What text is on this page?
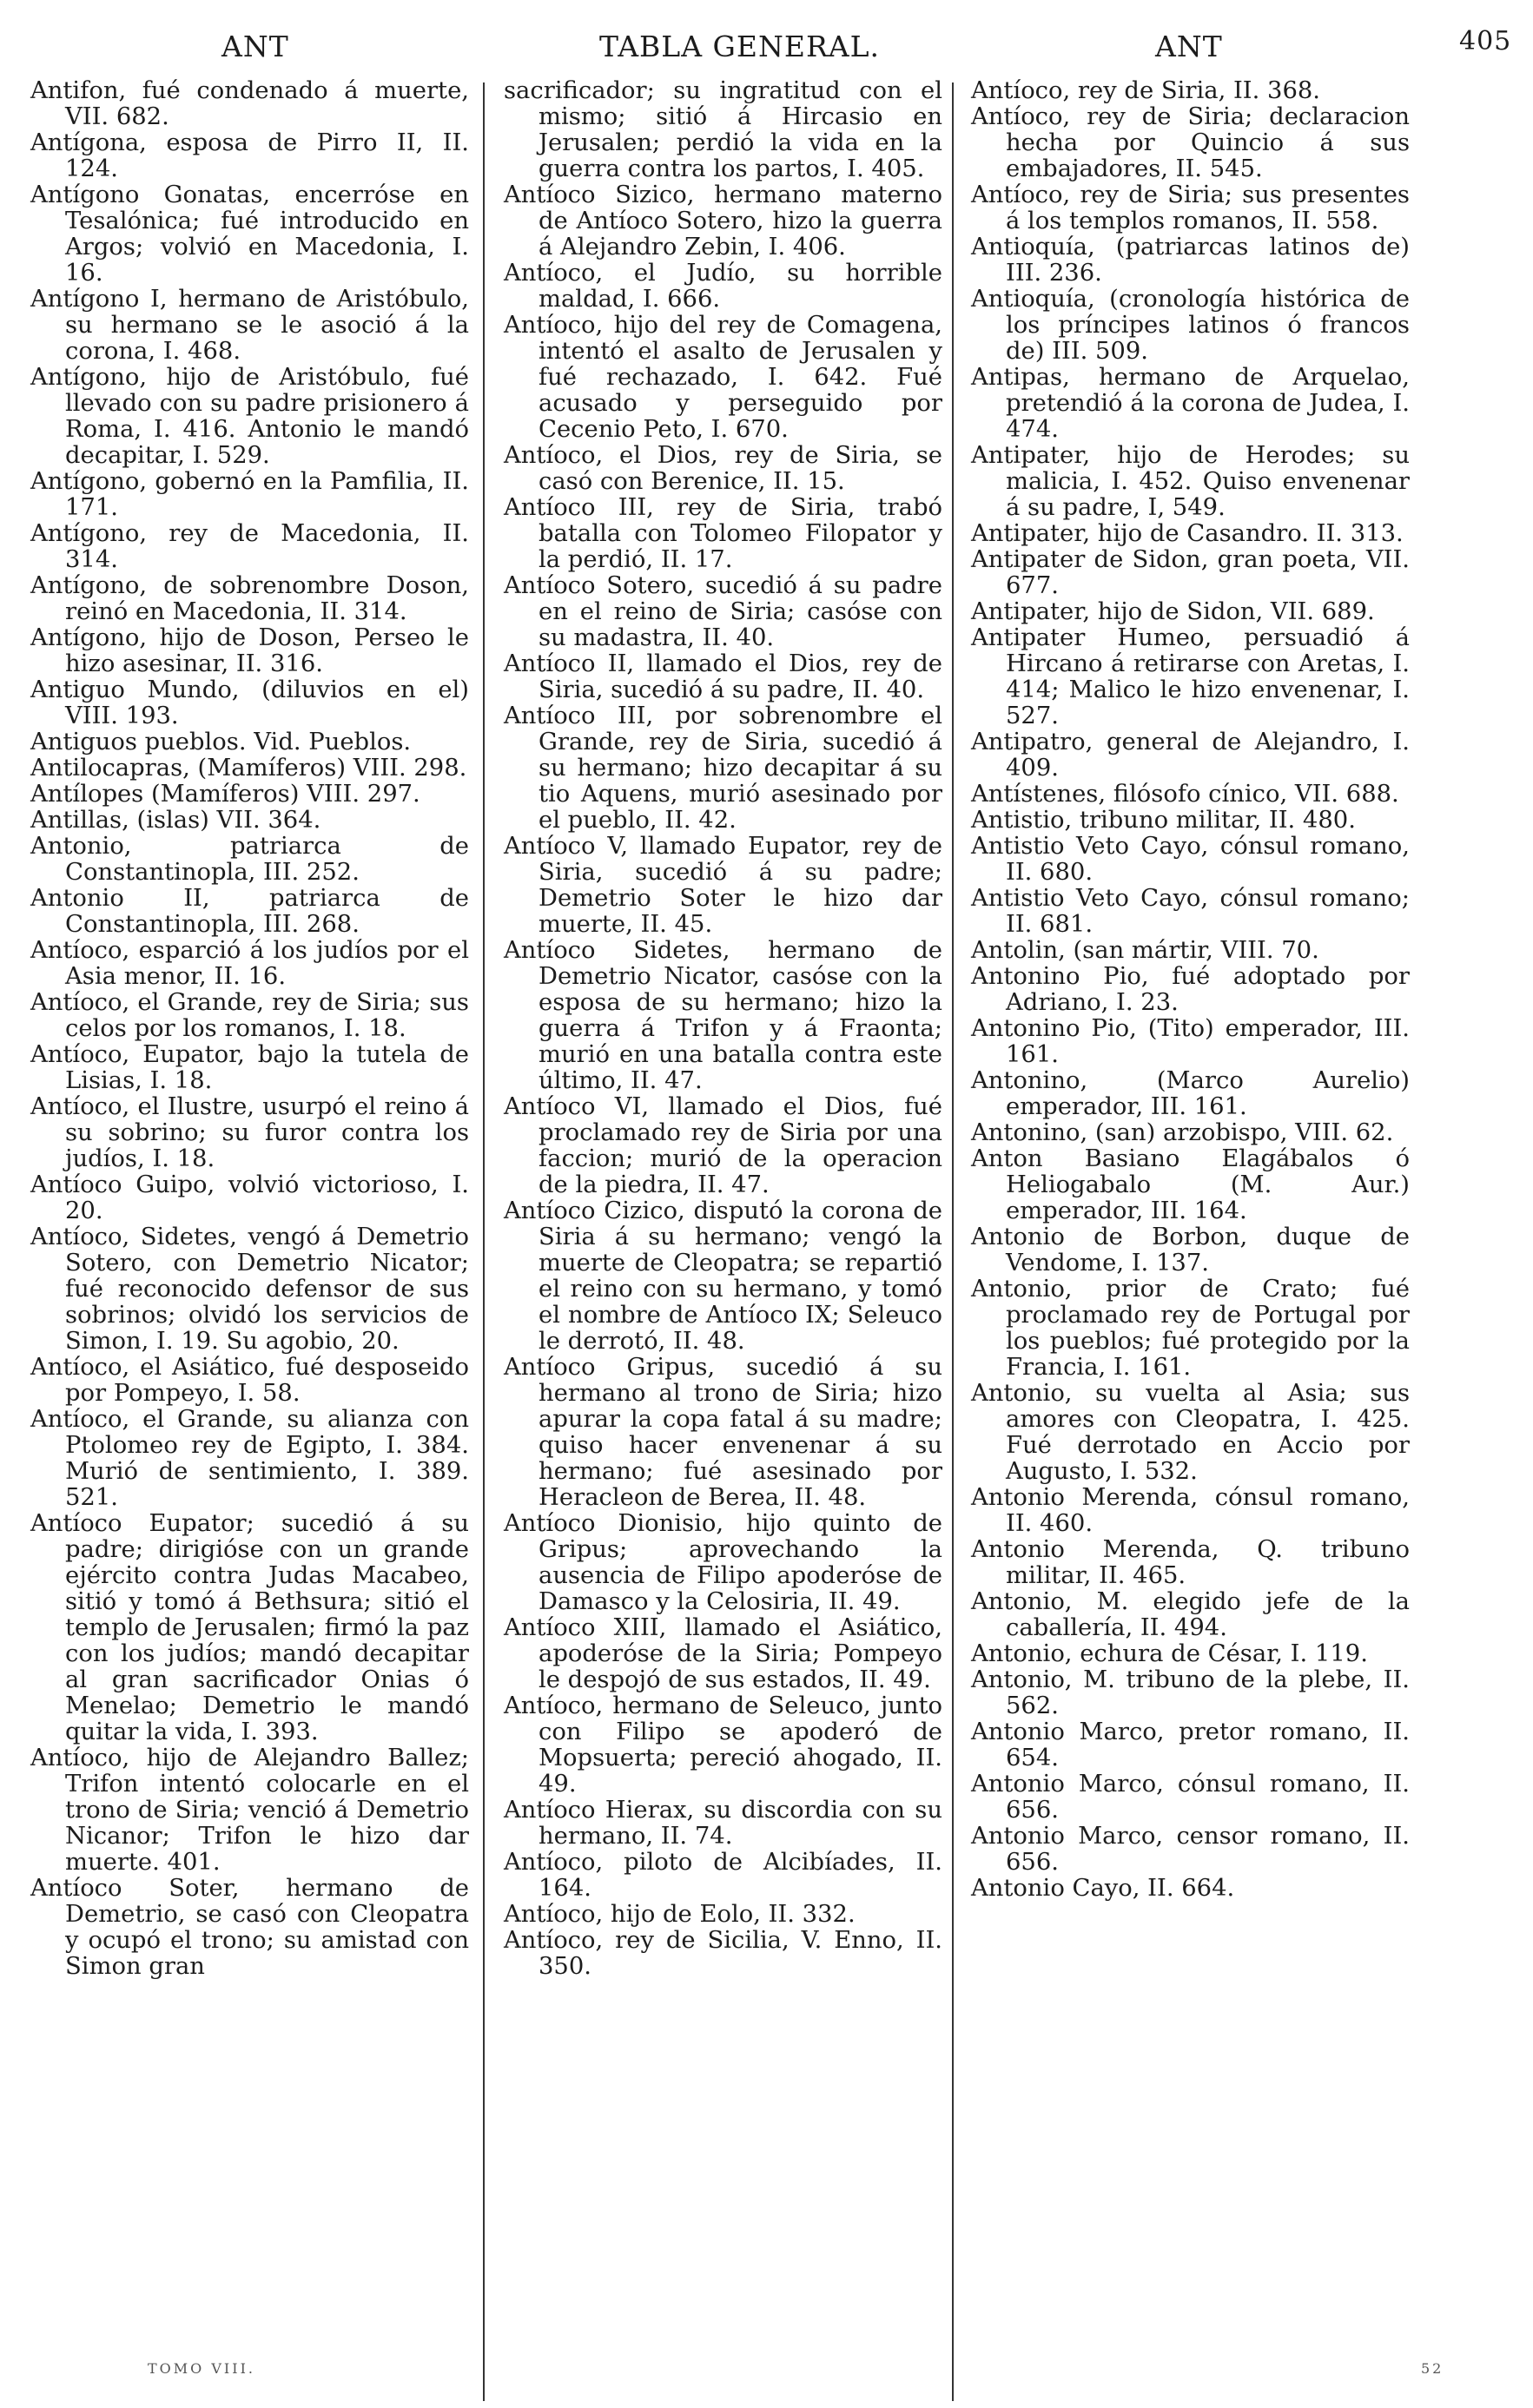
ANT	TABLA GENERAL.	ANT	405

Antifon, fué condenado á muerte, VII. 682.

Antígona, esposa de Pirro II, II. 124.

Antígono Gonatas, encerróse en Tesalónica; fué introducido en Argos; volvió en Macedonia, I. 16.

Antígono I, hermano de Aristóbulo, su hermano se le asoció á la corona, I. 468.

Antígono, hijo de Aristóbulo, fué llevado con su padre prisionero á Roma, I. 416. Antonio le mandó decapitar, I. 529.

Antígono, gobernó en la Pamfilia, II. 171.

Antígono, rey de Macedonia, II. 314.

Antígono, de sobrenombre Doson, reinó en Macedonia, II. 314.

Antígono, hijo de Doson, Perseo le hizo asesinar, II. 316.

Antiguo Mundo, (diluvios en el) VIII. 193.

Antiguos pueblos. Vid. Pueblos.

Antilocapras, (Mamíferos) VIII. 298.

Antílopes (Mamíferos) VIII. 297.

Antillas, (islas) VII. 364.

Antonio, patriarca de Constantinopla, III. 252.

Antonio II, patriarca de Constantinopla, III. 268.

Antíoco, esparció á los judíos por el Asia menor, II. 16.

Antíoco, el Grande, rey de Siria; sus celos por los romanos, I. 18.

Antíoco, Eupator, bajo la tutela de Lisias, I. 18.

Antíoco, el Ilustre, usurpó el reino á su sobrino; su furor contra los judíos, I. 18.

Antíoco Guipo, volvió victorioso, I. 20.

Antíoco, Sidetes, vengó á Demetrio Sotero, con Demetrio Nicator; fué reconocido defensor de sus sobrinos; olvidó los servicios de Simon, I. 19. Su agobio, 20.

Antíoco, el Asiático, fué desposeido por Pompeyo, I. 58.

Antíoco, el Grande, su alianza con Ptolomeo rey de Egipto, I. 384. Murió de sentimiento, I. 389. 521.

Antíoco Eupator; sucedió á su padre; dirigióse con un grande ejército contra Judas Macabeo, sitió y tomó á Bethsura; sitió el templo de Jerusalen; firmó la paz con los judíos; mandó decapitar al gran sacrificador Onias ó Menelao; Demetrio le mandó quitar la vida, I. 393.

Antíoco, hijo de Alejandro Ballez; Trifon intentó colocarle en el trono de Siria; venció á Demetrio Nicanor; Trifon le hizo dar muerte. 401.

Antíoco Soter, hermano de Demetrio, se casó con Cleopatra y ocupó el trono; su amistad con Simon gran

sacrificador; su ingratitud con el mismo; sitió á Hircasio en Jerusalen; perdió la vida en la guerra contra los partos, I. 405.

Antíoco Sizico, hermano materno de Antíoco Sotero, hizo la guerra á Alejandro Zebin, I. 406.

Antíoco, el Judío, su horrible maldad, I. 666.

Antíoco, hijo del rey de Comagena, intentó el asalto de Jerusalen y fué rechazado, I. 642. Fué acusado y perseguido por Cecenio Peto, I. 670.

Antíoco, el Dios, rey de Siria, se casó con Berenice, II. 15.

Antíoco III, rey de Siria, trabó batalla con Tolomeo Filopator y la perdió, II. 17.

Antíoco Sotero, sucedió á su padre en el reino de Siria; casóse con su madastra, II. 40.

Antíoco II, llamado el Dios, rey de Siria, sucedió á su padre, II. 40.

Antíoco III, por sobrenombre el Grande, rey de Siria, sucedió á su hermano; hizo decapitar á su tio Aquens, murió asesinado por el pueblo, II. 42.

Antíoco V, llamado Eupator, rey de Siria, sucedió á su padre; Demetrio Soter le hizo dar muerte, II. 45.

Antíoco Sidetes, hermano de Demetrio Nicator, casóse con la esposa de su hermano; hizo la guerra á Trifon y á Fraonta; murió en una batalla contra este último, II. 47.

Antíoco VI, llamado el Dios, fué proclamado rey de Siria por una faccion; murió de la operacion de la piedra, II. 47.

Antíoco Cizico, disputó la corona de Siria á su hermano; vengó la muerte de Cleopatra; se repartió el reino con su hermano, y tomó el nombre de Antíoco IX; Seleuco le derrotó, II. 48.

Antíoco Gripus, sucedió á su hermano al trono de Siria; hizo apurar la copa fatal á su madre; quiso hacer envenenar á su hermano; fué asesinado por Heracleon de Berea, II. 48.

Antíoco Dionisio, hijo quinto de Gripus; aprovechando la ausencia de Filipo apoderóse de Damasco y la Celosiria, II. 49.

Antíoco XIII, llamado el Asiático, apoderóse de la Siria; Pompeyo le despojó de sus estados, II. 49.

Antíoco, hermano de Seleuco, junto con Filipo se apoderó de Mopsuerta; pereció ahogado, II. 49.

Antíoco Hierax, su discordia con su hermano, II. 74.

Antíoco, piloto de Alcibíades, II. 164.

Antíoco, hijo de Eolo, II. 332.

Antíoco, rey de Sicilia, V. Enno, II. 350.

Antíoco, rey de Siria, II. 368.

Antíoco, rey de Siria; declaracion hecha por Quincio á sus embajadores, II. 545.

Antíoco, rey de Siria; sus presentes á los templos romanos, II. 558.

Antioquía, (patriarcas latinos de) III. 236.

Antioquía, (cronología histórica de los príncipes latinos ó francos de) III. 509.

Antipas, hermano de Arquelao, pretendió á la corona de Judea, I. 474.

Antipater, hijo de Herodes; su malicia, I. 452. Quiso envenenar á su padre, I, 549.

Antipater, hijo de Casandro. II. 313.

Antipater de Sidon, gran poeta, VII. 677.

Antipater, hijo de Sidon, VII. 689.

Antipater Humeo, persuadió á Hircano á retirarse con Aretas, I. 414; Malico le hizo envenenar, I. 527.

Antipatro, general de Alejandro, I. 409.

Antístenes, filósofo cínico, VII. 688.

Antistio, tribuno militar, II. 480.

Antistio Veto Cayo, cónsul romano, II. 680.

Antistio Veto Cayo, cónsul romano; II. 681.

Antolin, (san mártir, VIII. 70.

Antonino Pio, fué adoptado por Adriano, I. 23.

Antonino Pio, (Tito) emperador, III. 161.

Antonino, (Marco Aurelio) emperador, III. 161.

Antonino, (san) arzobispo, VIII. 62.

Anton Basiano Elagábalos ó Heliogabalo (M. Aur.) emperador, III. 164.

Antonio de Borbon, duque de Vendome, I. 137.

Antonio, prior de Crato; fué proclamado rey de Portugal por los pueblos; fué protegido por la Francia, I. 161.

Antonio, su vuelta al Asia; sus amores con Cleopatra, I. 425. Fué derrotado en Accio por Augusto, I. 532.

Antonio Merenda, cónsul romano, II. 460.

Antonio Merenda, Q. tribuno militar, II. 465.

Antonio, M. elegido jefe de la caballería, II. 494.

Antonio, echura de César, I. 119.

Antonio, M. tribuno de la plebe, II. 562.

Antonio Marco, pretor romano, II. 654.

Antonio Marco, cónsul romano, II. 656.

Antonio Marco, censor romano, II. 656.

Antonio Cayo, II. 664.

TOMO VIII.	52
